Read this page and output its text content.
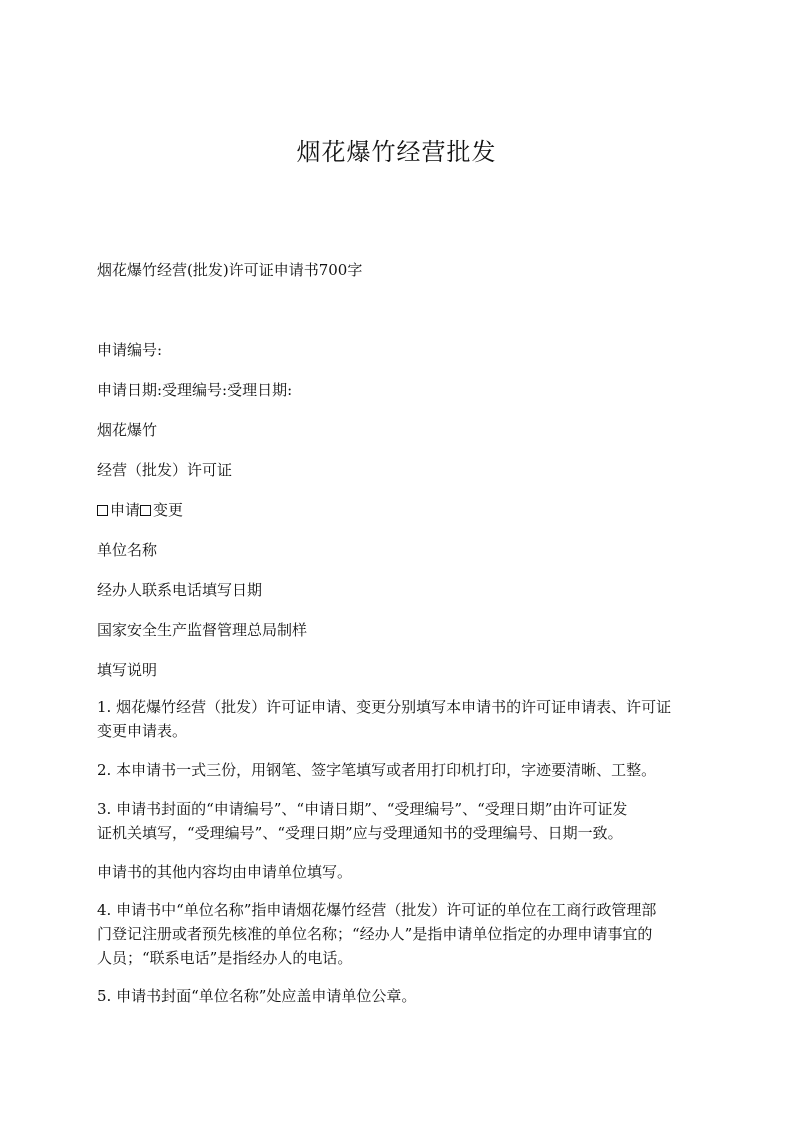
烟花爆竹经营批发
烟花爆竹经营(批发)许可证申请书700字
申请编号:
申请日期:受理编号:受理日期:
烟花爆竹
经营（批发）许可证
申请 变更
单位名称
经办人联系电话填写日期
国家安全生产监督管理总局制样
填写说明
1. 烟花爆竹经营（批发）许可证申请、变更分别填写本申请书的许可证申请表、许可证
变更申请表。
2. 本申请书一式三份，用钢笔、签字笔填写或者用打印机打印，字迹要清晰、工整。
3. 申请书封面的“申请编号”、“申请日期”、“受理编号”、“受理日期”由许可证发
证机关填写，“受理编号”、“受理日期”应与受理通知书的受理编号、日期一致。
申请书的其他内容均由申请单位填写。
4. 申请书中“单位名称”指申请烟花爆竹经营（批发）许可证的单位在工商行政管理部
门登记注册或者预先核准的单位名称；“经办人”是指申请单位指定的办理申请事宜的
人员；“联系电话”是指经办人的电话。
5. 申请书封面“单位名称”处应盖申请单位公章。
